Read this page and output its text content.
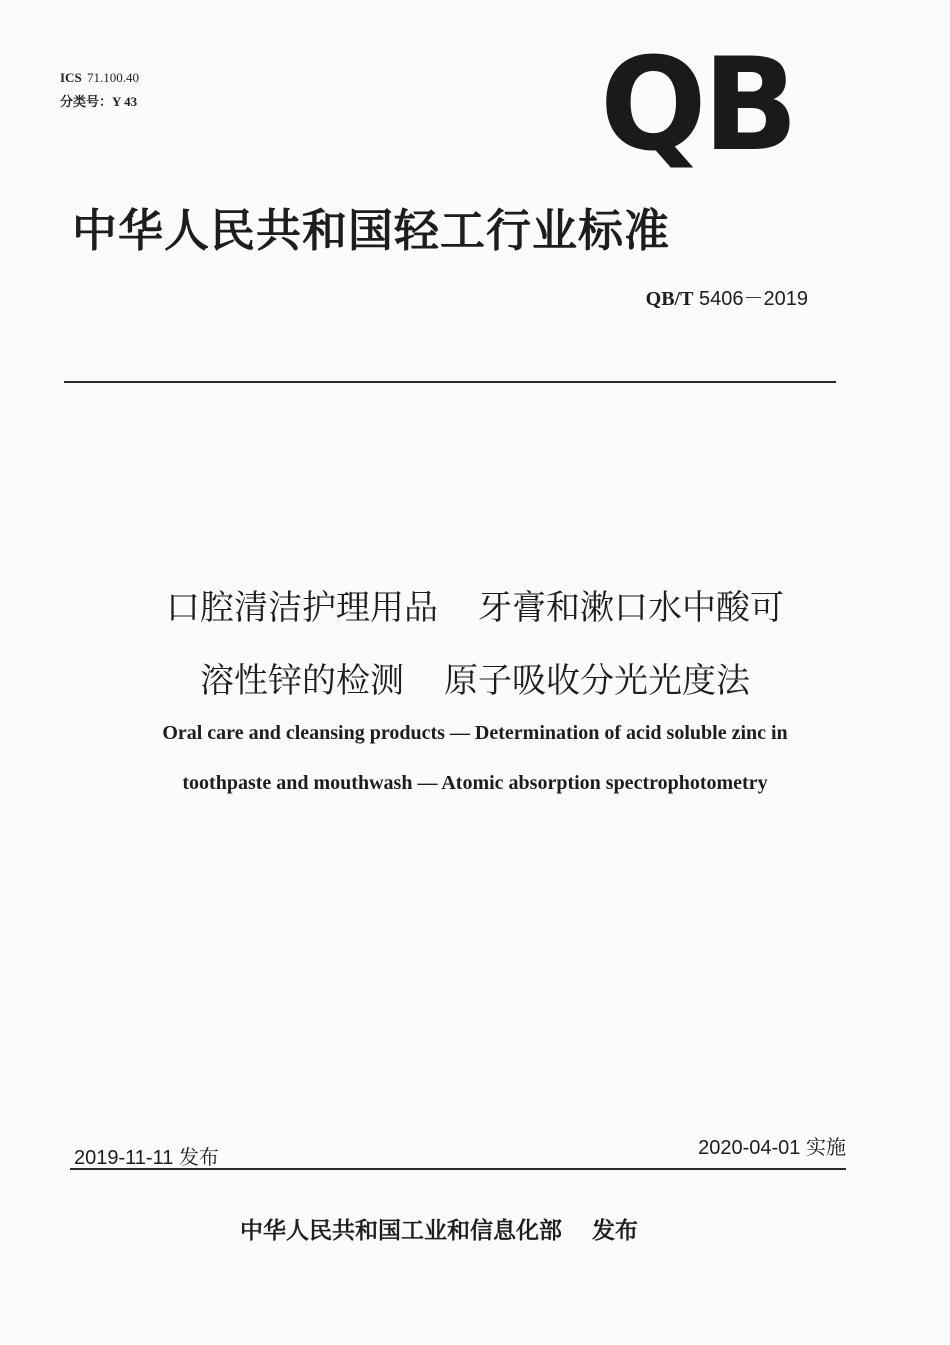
ICS 71.100.40
分类号：Y 43	QB
中华人民共和国轻工行业标准
QB/T 5406－2019
口腔清洁护理用品 牙膏和漱口水中酸可
溶性锌的检测 原子吸收分光光度法
Oral care and cleansing products — Determination of acid soluble zinc in
toothpaste and mouthwash — Atomic absorption spectrophotometry
2019-11-11 发布	2020-04-01 实施
中华人民共和国工业和信息化部 发布
